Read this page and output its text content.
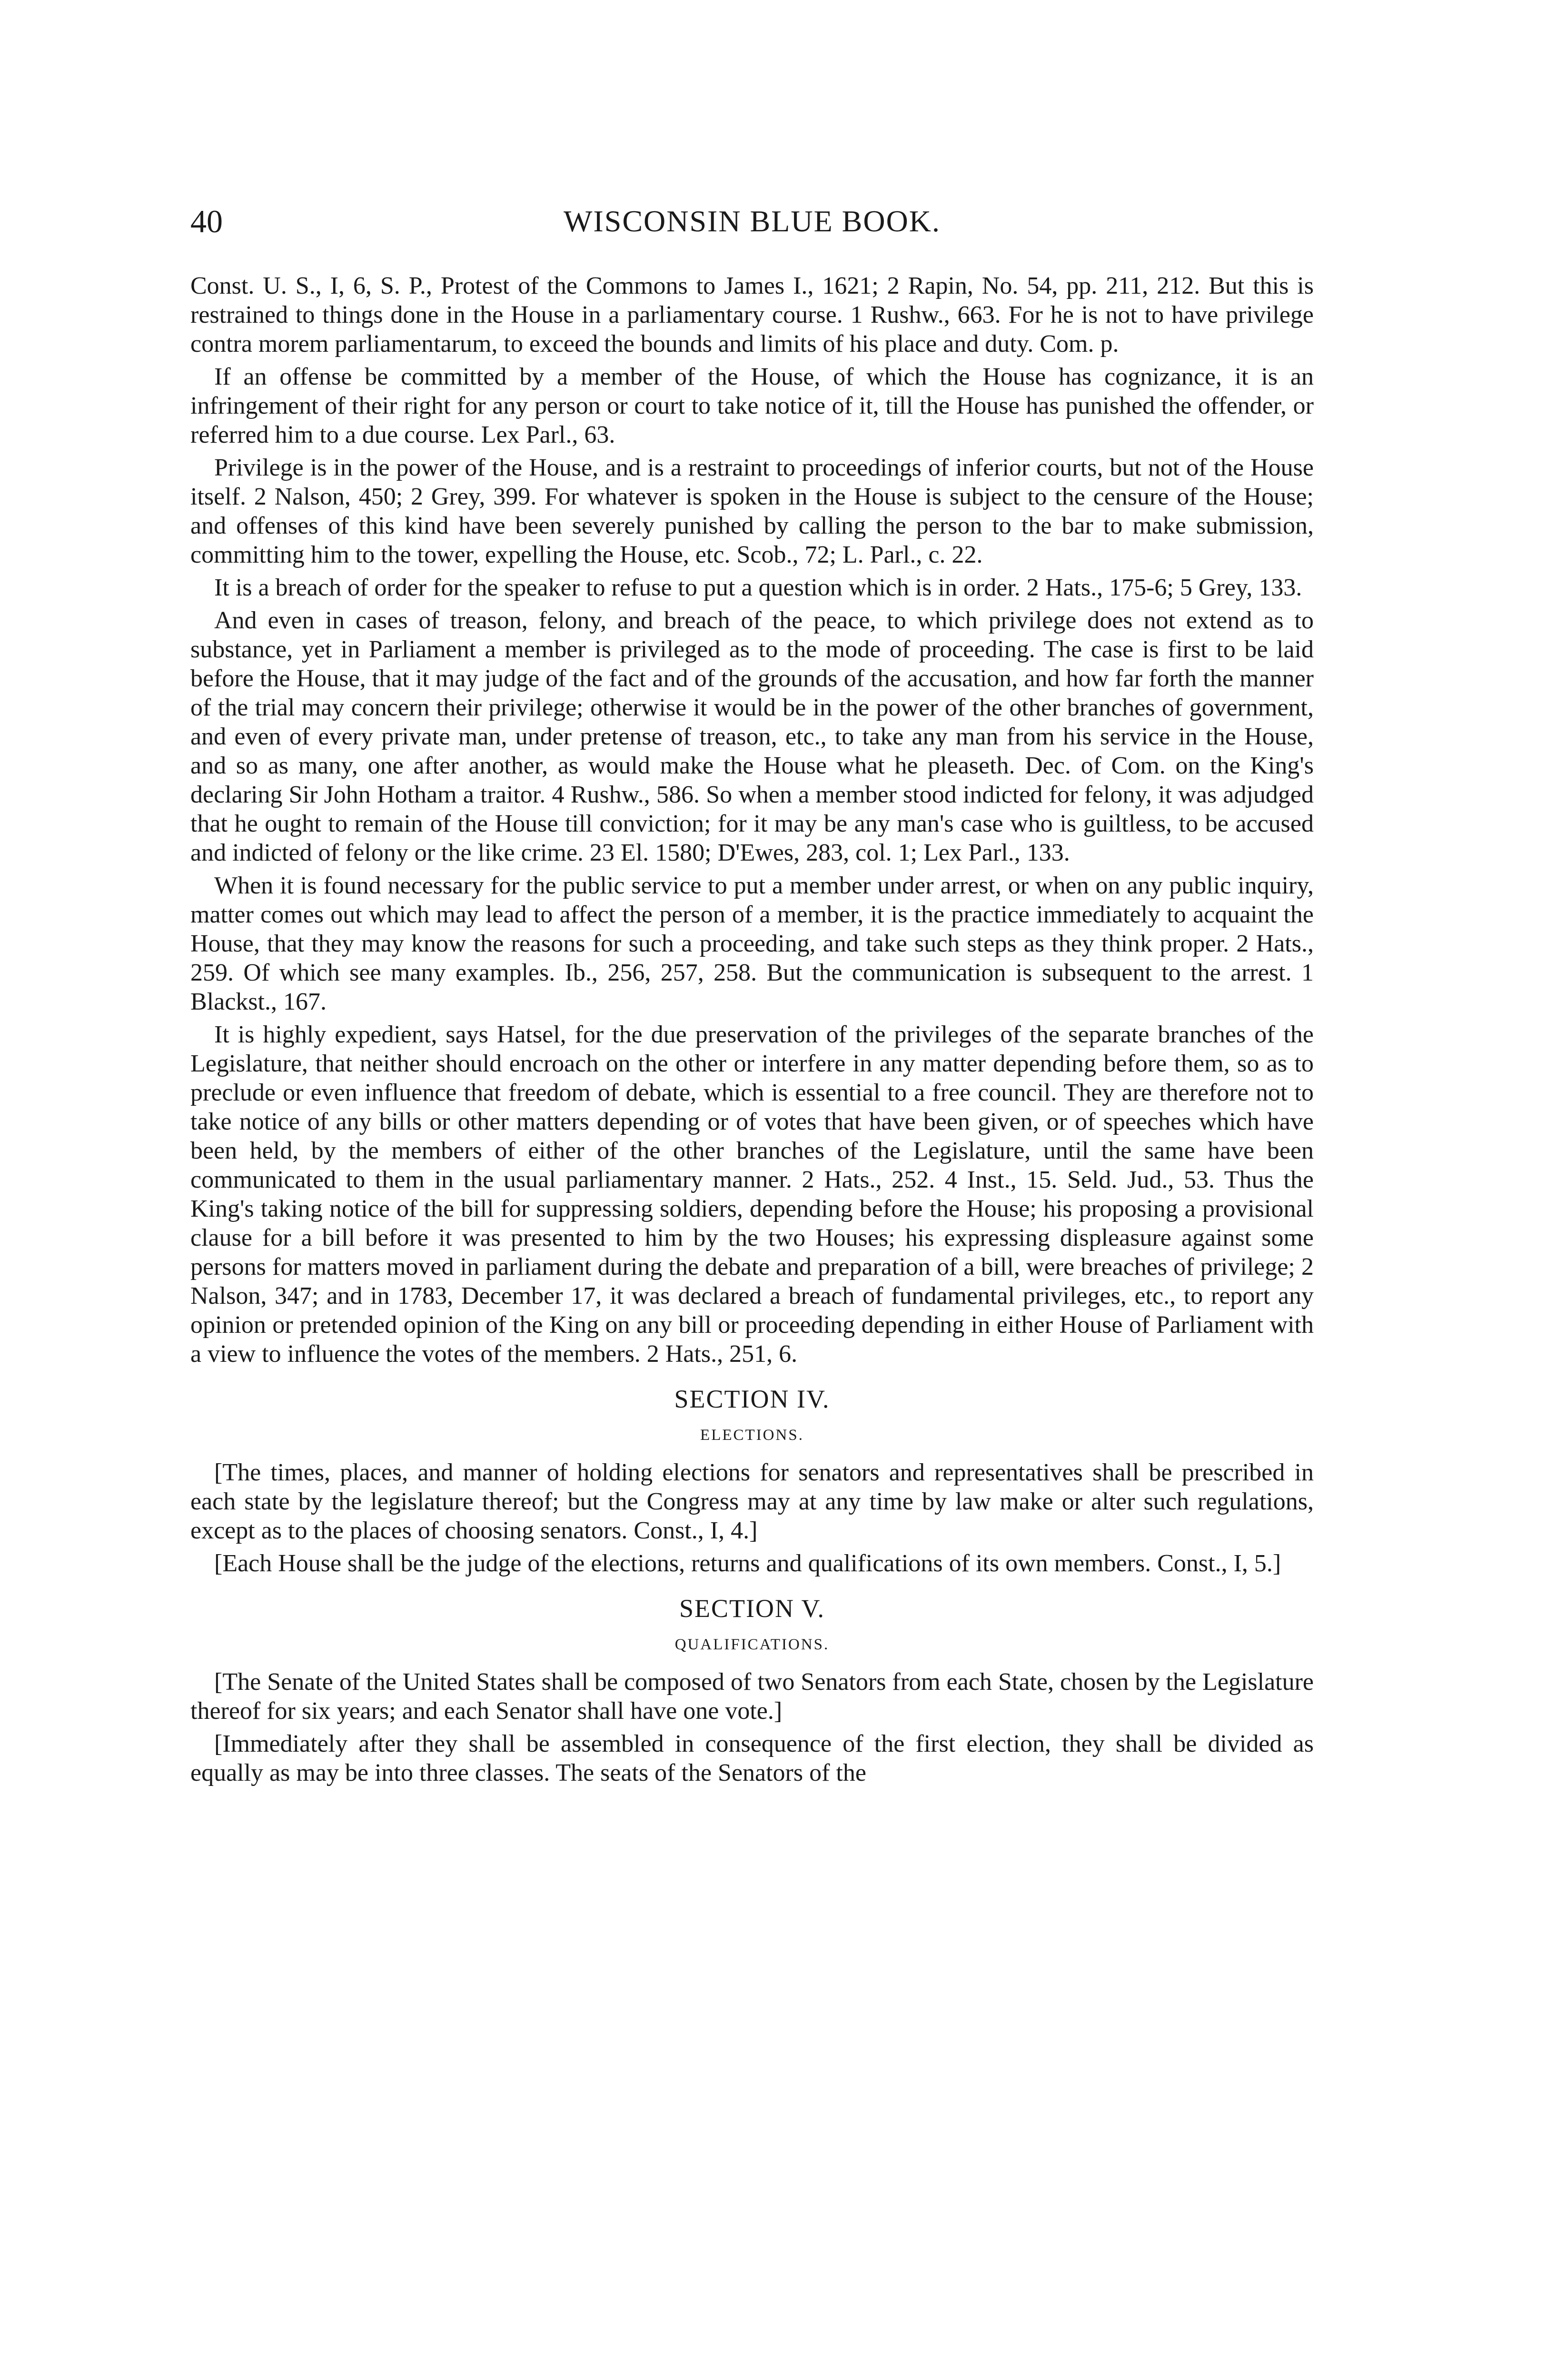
40	WISCONSIN BLUE BOOK.

Const. U. S., I, 6, S. P., Protest of the Commons to James I., 1621; 2 Rapin, No. 54, pp. 211, 212. But this is restrained to things done in the House in a parliamentary course. 1 Rushw., 663. For he is not to have privilege contra morem parliamentarum, to exceed the bounds and limits of his place and duty. Com. p.

If an offense be committed by a member of the House, of which the House has cognizance, it is an infringement of their right for any person or court to take notice of it, till the House has punished the offender, or referred him to a due course. Lex Parl., 63.

Privilege is in the power of the House, and is a restraint to proceedings of inferior courts, but not of the House itself. 2 Nalson, 450; 2 Grey, 399. For whatever is spoken in the House is subject to the censure of the House; and offenses of this kind have been severely punished by calling the person to the bar to make submission, committing him to the tower, expelling the House, etc. Scob., 72; L. Parl., c. 22.

It is a breach of order for the speaker to refuse to put a question which is in order. 2 Hats., 175-6; 5 Grey, 133.

And even in cases of treason, felony, and breach of the peace, to which privilege does not extend as to substance, yet in Parliament a member is privileged as to the mode of proceeding. The case is first to be laid before the House, that it may judge of the fact and of the grounds of the accusation, and how far forth the manner of the trial may concern their privilege; otherwise it would be in the power of the other branches of government, and even of every private man, under pretense of treason, etc., to take any man from his service in the House, and so as many, one after another, as would make the House what he pleaseth. Dec. of Com. on the King's declaring Sir John Hotham a traitor. 4 Rushw., 586. So when a member stood indicted for felony, it was adjudged that he ought to remain of the House till conviction; for it may be any man's case who is guiltless, to be accused and indicted of felony or the like crime. 23 El. 1580; D'Ewes, 283, col. 1; Lex Parl., 133.

When it is found necessary for the public service to put a member under arrest, or when on any public inquiry, matter comes out which may lead to affect the person of a member, it is the practice immediately to acquaint the House, that they may know the reasons for such a proceeding, and take such steps as they think proper. 2 Hats., 259. Of which see many examples. Ib., 256, 257, 258. But the communication is subsequent to the arrest. 1 Blackst., 167.

It is highly expedient, says Hatsel, for the due preservation of the privileges of the separate branches of the Legislature, that neither should encroach on the other or interfere in any matter depending before them, so as to preclude or even influence that freedom of debate, which is essential to a free council. They are therefore not to take notice of any bills or other matters depending or of votes that have been given, or of speeches which have been held, by the members of either of the other branches of the Legislature, until the same have been communicated to them in the usual parliamentary manner. 2 Hats., 252. 4 Inst., 15. Seld. Jud., 53. Thus the King's taking notice of the bill for suppressing soldiers, depending before the House; his proposing a provisional clause for a bill before it was presented to him by the two Houses; his expressing displeasure against some persons for matters moved in parliament during the debate and preparation of a bill, were breaches of privilege; 2 Nalson, 347; and in 1783, December 17, it was declared a breach of fundamental privileges, etc., to report any opinion or pretended opinion of the King on any bill or proceeding depending in either House of Parliament with a view to influence the votes of the members. 2 Hats., 251, 6.

SECTION IV.
ELECTIONS.

[The times, places, and manner of holding elections for senators and representatives shall be prescribed in each state by the legislature thereof; but the Congress may at any time by law make or alter such regulations, except as to the places of choosing senators. Const., I, 4.]

[Each House shall be the judge of the elections, returns and qualifications of its own members. Const., I, 5.]

SECTION V.
QUALIFICATIONS.

[The Senate of the United States shall be composed of two Senators from each State, chosen by the Legislature thereof for six years; and each Senator shall have one vote.]

[Immediately after they shall be assembled in consequence of the first election, they shall be divided as equally as may be into three classes. The seats of the Senators of the
